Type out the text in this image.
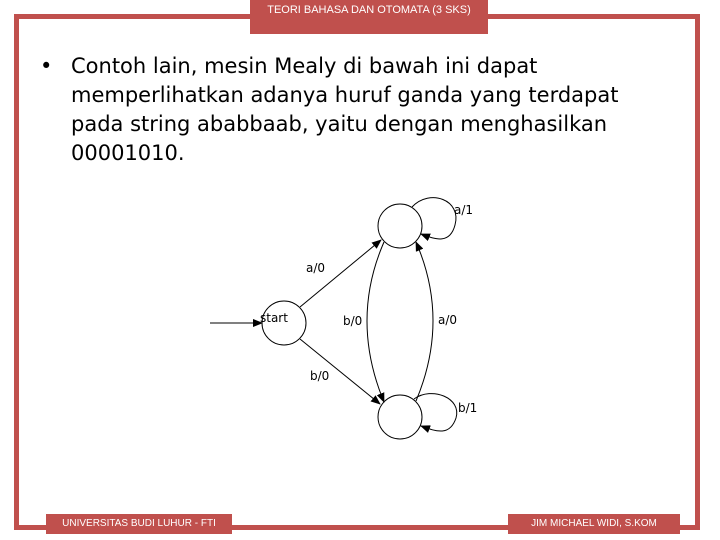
TEORI BAHASA DAN OTOMATA (3 SKS)
• Contoh lain, mesin Mealy di bawah ini dapat memperlihatkan adanya huruf ganda yang terdapat pada string ababbaab, yaitu dengan menghasilkan 00001010.
start
a/1
a/0
b/0	a/0
b/0
b/1
UNIVERSITAS BUDI LUHUR - FTI	JIM MICHAEL WIDI, S.KOM
